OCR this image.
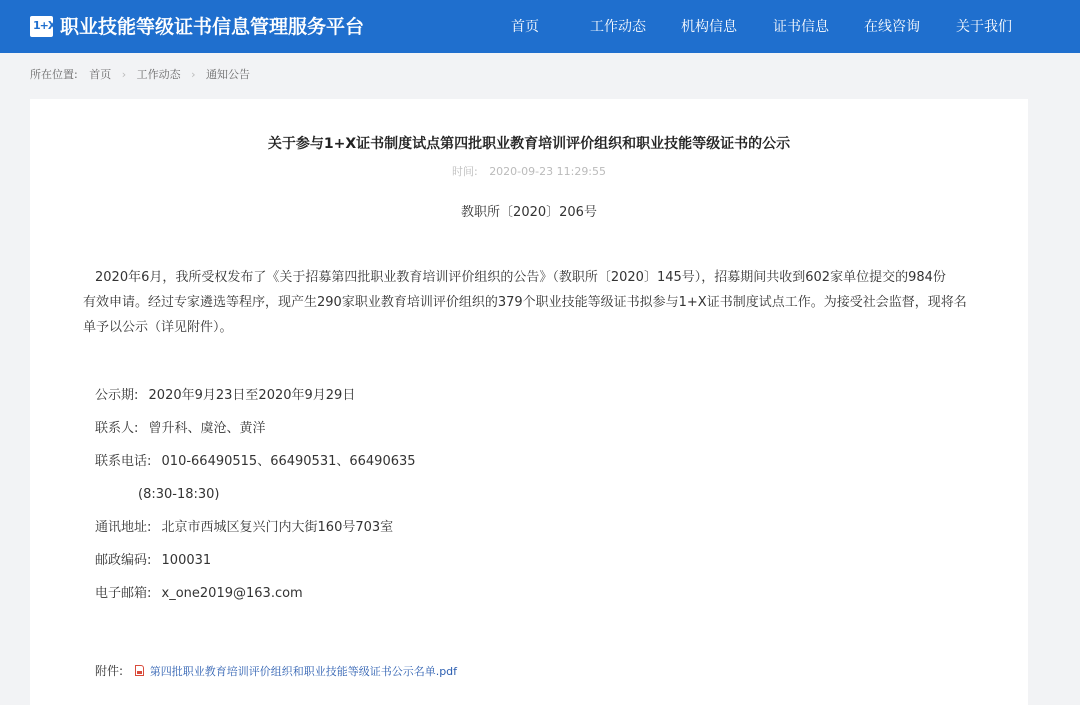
1+X 职业技能等级证书信息管理服务平台	首页	工作动态	机构信息	证书信息	在线咨询	关于我们
所在位置: 首页 › 工作动态 › 通知公告
关于参与1+X证书制度试点第四批职业教育培训评价组织和职业技能等级证书的公示
时间: 2020-09-23 11:29:55
教职所〔2020〕206号
2020年6月，我所受权发布了《关于招募第四批职业教育培训评价组织的公告》（教职所〔2020〕145号），招募期间共收到602家单位提交的984份
有效申请。经过专家遴选等程序，现产生290家职业教育培训评价组织的379个职业技能等级证书拟参与1+X证书制度试点工作。为接受社会监督，现将名
单予以公示（详见附件）。
公示期: 2020年9月23日至2020年9月29日
联系人: 曾升科、虞沧、黄洋
联系电话: 010-66490515、66490531、66490635
(8:30-18:30)
通讯地址: 北京市西城区复兴门内大街160号703室
邮政编码: 100031
电子邮箱: x_one2019@163.com
附件: 第四批职业教育培训评价组织和职业技能等级证书公示名单.pdf
